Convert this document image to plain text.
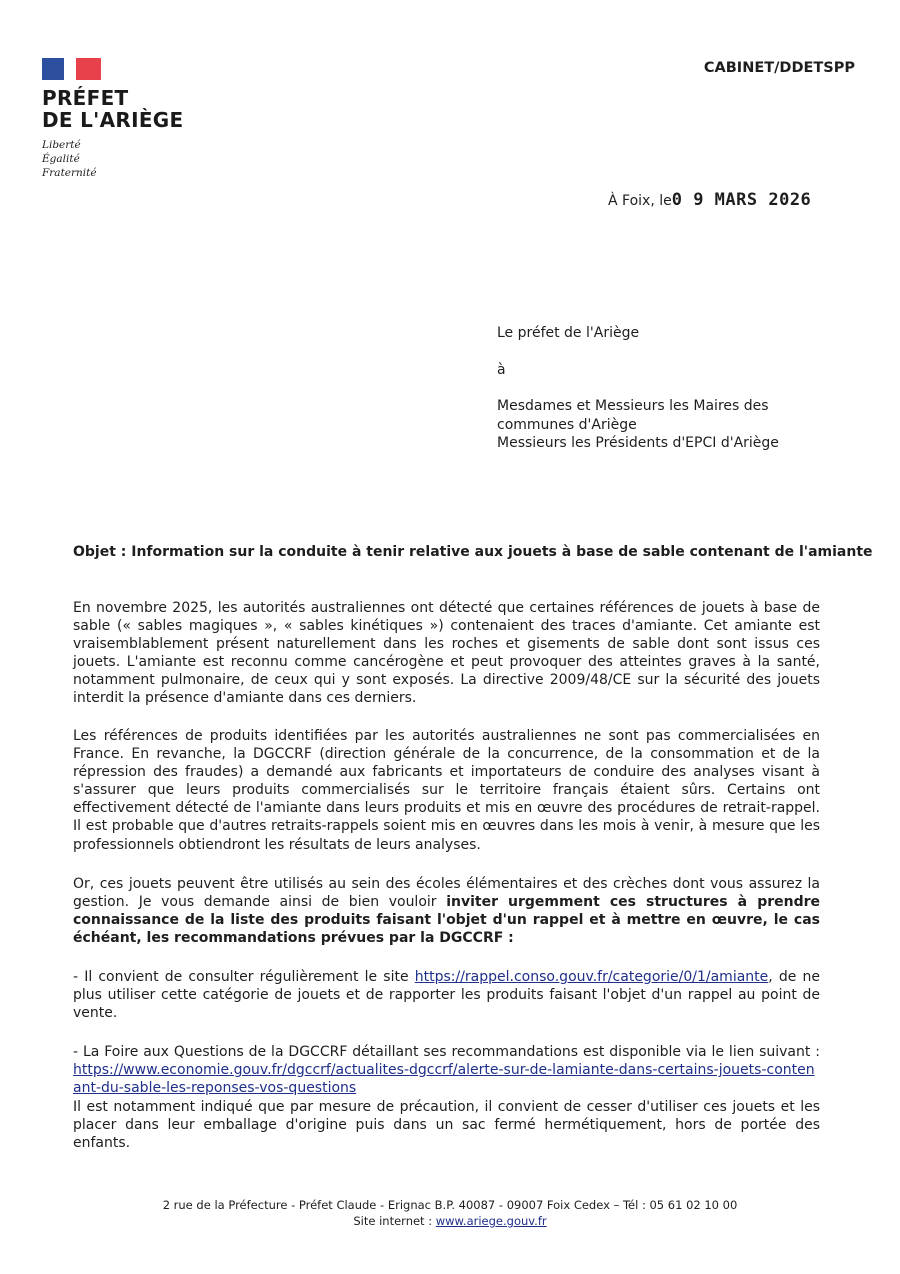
PRÉFET
DE L'ARIÈGE
Liberté
Égalité
Fraternité
CABINET/DDETSPP
À Foix, le0 9 MARS 2026
Le préfet de l'Ariège
à
Mesdames et Messieurs les Maires des
communes d'Ariège
Messieurs les Présidents d'EPCI d'Ariège
Objet : Information sur la conduite à tenir relative aux jouets à base de sable contenant de l'amiante
En novembre 2025, les autorités australiennes ont détecté que certaines références de jouets à base de sable (« sables magiques », « sables kinétiques ») contenaient des traces d'amiante. Cet amiante est vraisemblablement présent naturellement dans les roches et gisements de sable dont sont issus ces jouets. L'amiante est reconnu comme cancérogène et peut provoquer des atteintes graves à la santé, notamment pulmonaire, de ceux qui y sont exposés. La directive 2009/48/CE sur la sécurité des jouets interdit la présence d'amiante dans ces derniers.
Les références de produits identifiées par les autorités australiennes ne sont pas commercialisées en France. En revanche, la DGCCRF (direction générale de la concurrence, de la consommation et de la répression des fraudes) a demandé aux fabricants et importateurs de conduire des analyses visant à s'assurer que leurs produits commercialisés sur le territoire français étaient sûrs. Certains ont effectivement détecté de l'amiante dans leurs produits et mis en œuvre des procédures de retrait-rappel. Il est probable que d'autres retraits-rappels soient mis en œuvres dans les mois à venir, à mesure que les professionnels obtiendront les résultats de leurs analyses.
Or, ces jouets peuvent être utilisés au sein des écoles élémentaires et des crèches dont vous assurez la gestion. Je vous demande ainsi de bien vouloir inviter urgemment ces structures à prendre connaissance de la liste des produits faisant l'objet d'un rappel et à mettre en œuvre, le cas échéant, les recommandations prévues par la DGCCRF :
- Il convient de consulter régulièrement le site https://rappel.conso.gouv.fr/categorie/0/1/amiante, de ne plus utiliser cette catégorie de jouets et de rapporter les produits faisant l'objet d'un rappel au point de vente.
- La Foire aux Questions de la DGCCRF détaillant ses recommandations est disponible via le lien suivant : https://www.economie.gouv.fr/dgccrf/actualites-dgccrf/alerte-sur-de-lamiante-dans-certains-jouets-contenant-du-sable-les-reponses-vos-questions
Il est notamment indiqué que par mesure de précaution, il convient de cesser d'utiliser ces jouets et les placer dans leur emballage d'origine puis dans un sac fermé hermétiquement, hors de portée des enfants.
2 rue de la Préfecture - Préfet Claude - Erignac B.P. 40087 - 09007 Foix Cedex – Tél : 05 61 02 10 00
Site internet : www.ariege.gouv.fr
